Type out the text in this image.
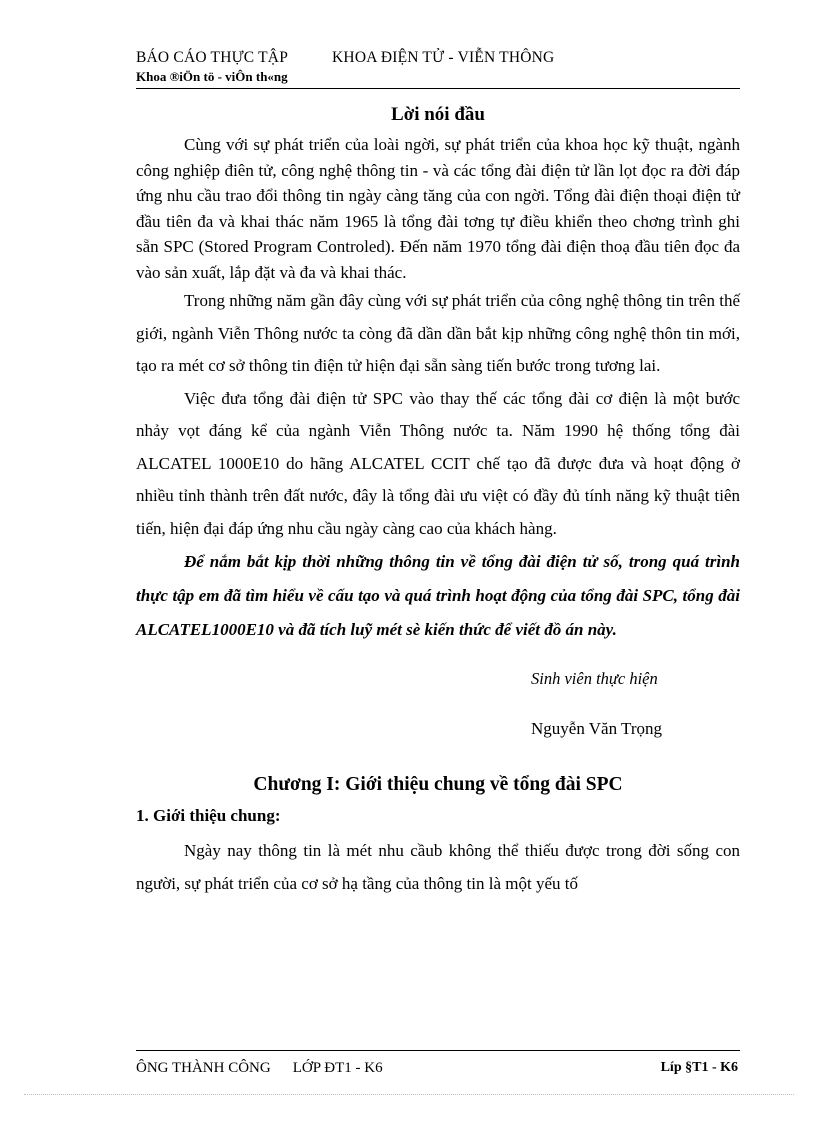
BÁO CÁO THỰC TẬP	KHOA ĐIỆN TỬ - VIỄN THÔNG
Khoa ®iÖn tö - viÔn th«ng
Lời nói đầu

Cùng với sự phát triển của loài ngời, sự phát triển của khoa học kỹ thuật, ngành công nghiệp điên tử, công nghệ thông tin - và các tổng đài điện tử lần lọt đọc ra đời đáp ứng nhu cầu trao đổi thông tin ngày càng tăng của con ngời. Tổng đài điện thoại điện tử đầu tiên đa và khai thác năm 1965 là tổng đài tơng tự điều khiển theo chơng trình ghi sẵn SPC (Stored Program Controled). Đến năm 1970 tổng đài điện thoạ đầu tiên đọc đa vào sản xuất, lắp đặt và đa và khai thác.

Trong những năm gần đây cùng với sự phát triển của công nghệ thông tin trên thế giới, ngành Viễn Thông nước ta còng đã dần dần bắt kịp những công nghệ thôn tin mới, tạo ra mét cơ sở thông tin điện tử hiện đại sẵn sàng tiến bước trong tương lai.

Việc đưa tổng đài điện tử SPC vào thay thế các tổng đài cơ điện là một bước nhảy vọt đáng kể của ngành Viễn Thông nước ta. Năm 1990 hệ thống tổng đài ALCATEL 1000E10 do hãng ALCATEL CCIT chế tạo đã được đưa và hoạt động ở nhiều tỉnh thành trên đất nước, đây là tổng đài ưu việt có đầy đủ tính năng kỹ thuật tiên tiến, hiện đại đáp ứng nhu cầu ngày càng cao của khách hàng.

Để nắm bắt kịp thời những thông tin về tổng đài điện tử số, trong quá trình thực tập em đã tìm hiểu về cấu tạo và quá trình hoạt động của tổng đài SPC, tổng đài ALCATEL1000E10 và đã tích luỹ mét sè kiến thức để viết đồ án này.

Sinh viên thực hiện
Nguyễn Văn Trọng
Chương I: Giới thiệu chung về tổng đài SPC
1. Giới thiệu chung:

Ngày nay thông tin là mét nhu cầub không thể thiếu được trong đời sống con người, sự phát triển của cơ sở hạ tầng của thông tin là một yếu tố

ÔNG THÀNH CÔNG LỚP ĐT1 - K6	Líp §T1 - K6
